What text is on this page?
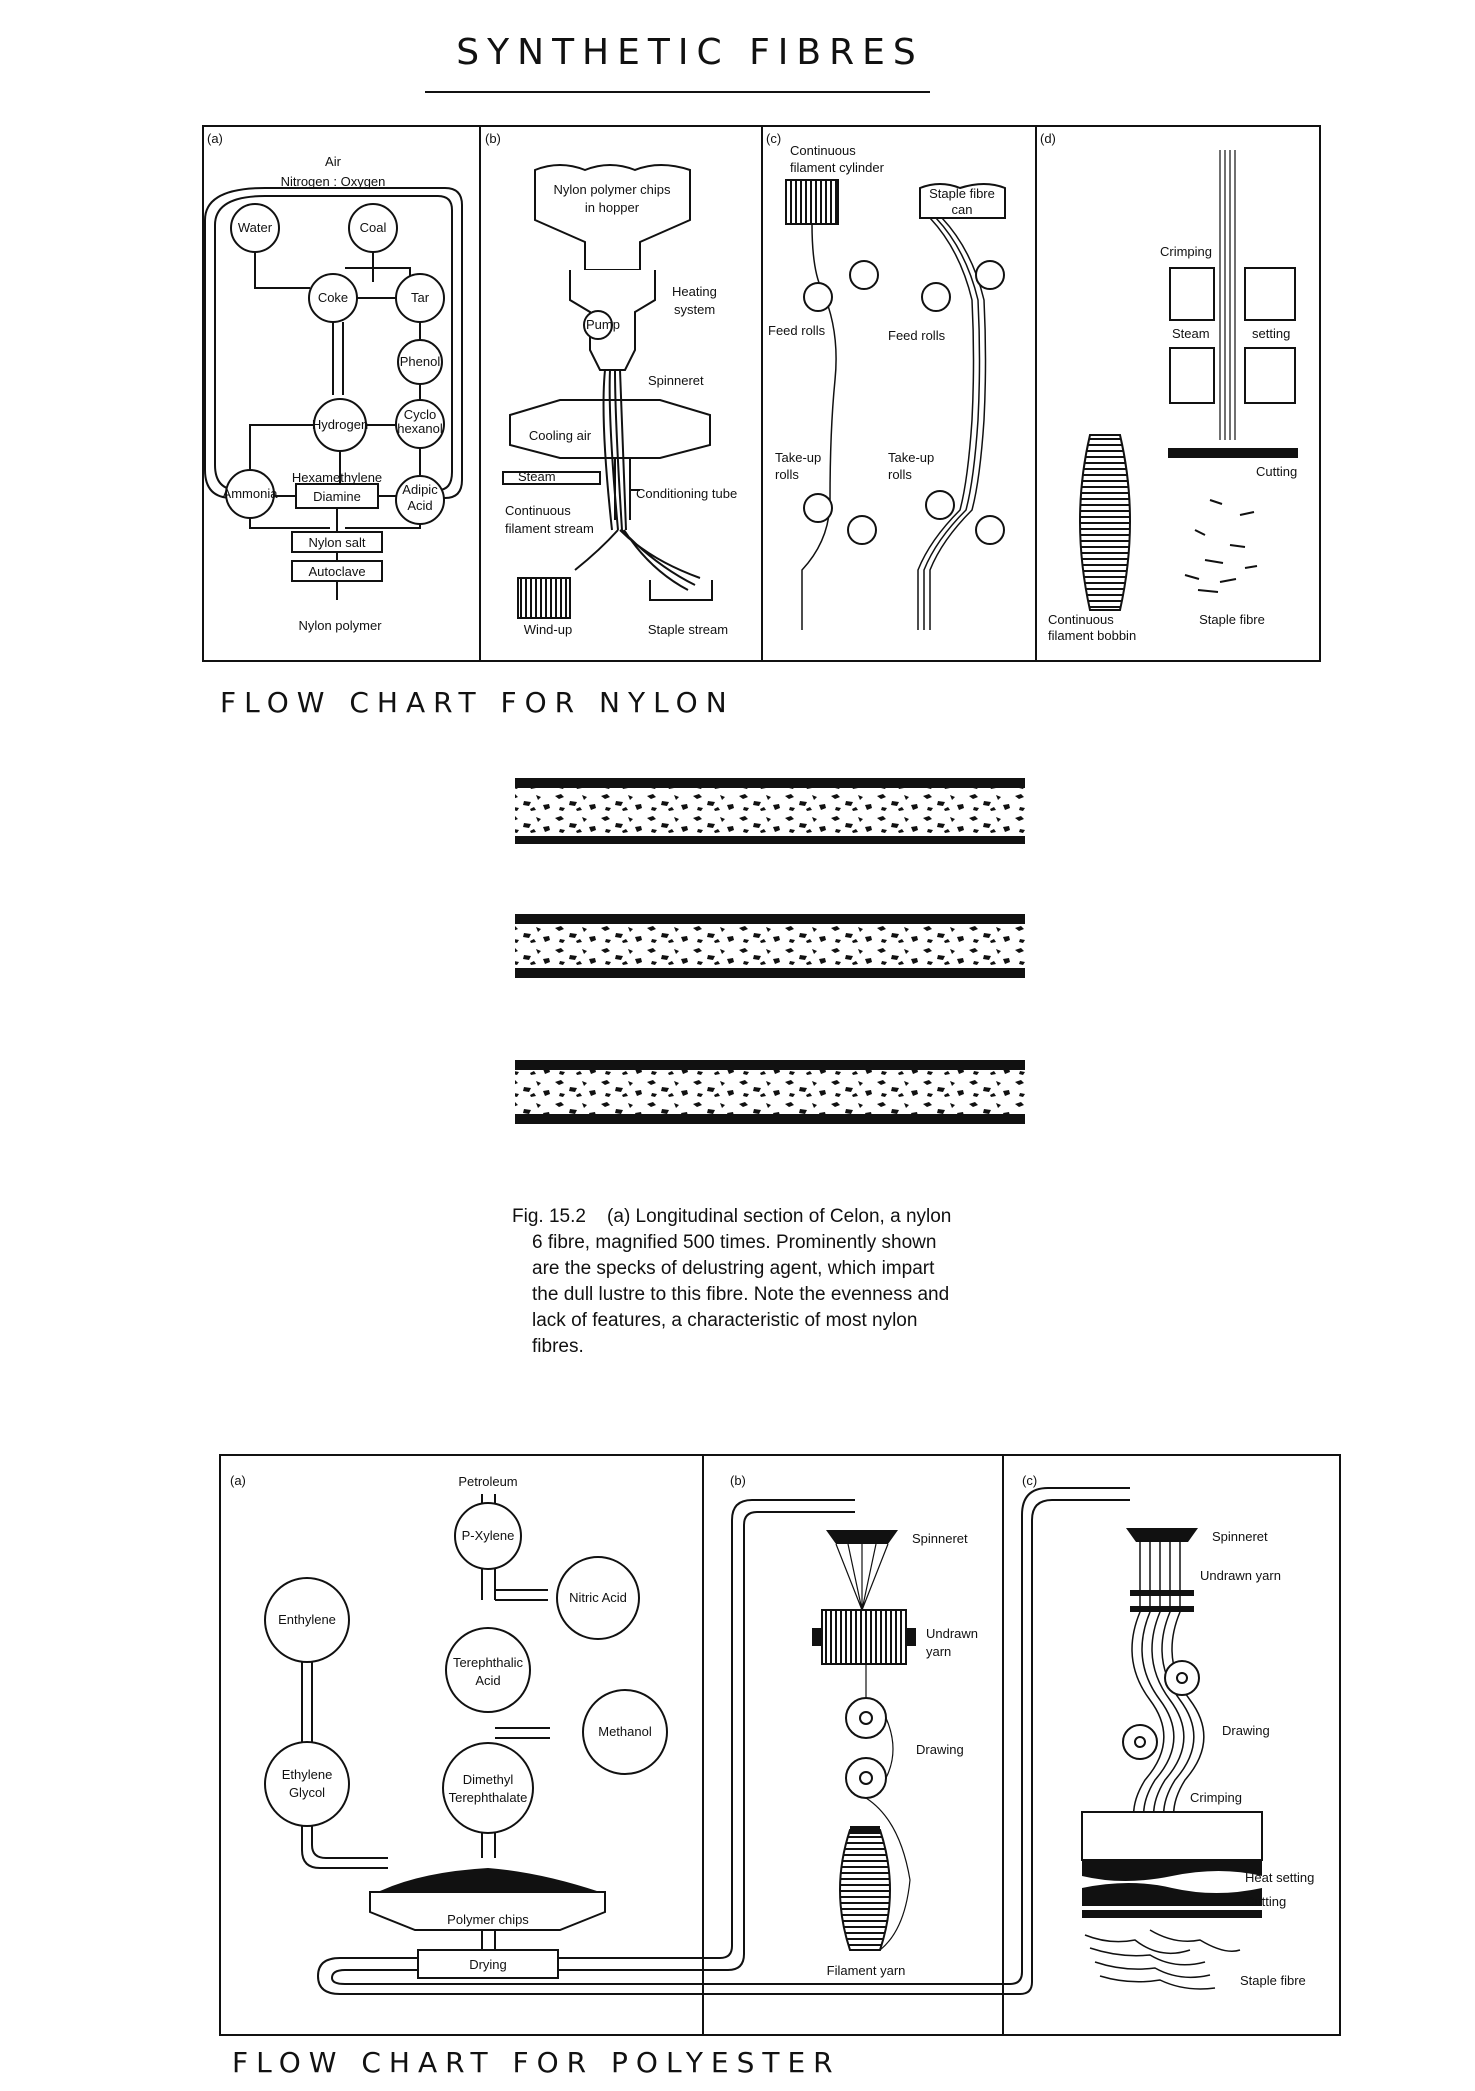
SYNTHETIC FIBRES
(a)
Air
Nitrogen : Oxygen
Water	Coal
Coke	Tar
Phenol
Hydrogen
Cyclo
hexanol
Ammonia
Hexamethylene
Diamine	Adipic
Acid
Nylon salt
Autoclave
Nylon polymer
(b)
Nylon polymer chips
in hopper
Heating
system
Pump
Spinneret
Cooling air
Steam
Conditioning tube
Continuous
filament stream
Wind-up	Staple stream
(c)
Continuous
filament cylinder
Staple fibre
can
Feed rolls	Feed rolls
Take-up
rolls
Take-up
rolls
(d)
Crimping
Steam	setting
Cutting
Continuous
filament bobbin
Staple fibre
FLOW CHART FOR NYLON
Fig. 15.2    (a) Longitudinal section of Celon, a nylon
6 fibre, magnified 500 times. Prominently shown
are the specks of delustring agent, which impart
the dull lustre to this fibre. Note the evenness and
lack of features, a characteristic of most nylon
fibres.
(a)	Petroleum
P-Xylene
Nitric Acid
Enthylene
Terephthalic
Acid
Methanol
Ethylene
Glycol
Dimethyl
Terephthalate
Polymer chips
Drying
(b)
Spinneret
Undrawn
yarn
Drawing
Filament yarn
(c)
Spinneret
Undrawn yarn
Drawing
Crimping
Heat setting
Cutting
Staple fibre
FLOW CHART FOR POLYESTER
